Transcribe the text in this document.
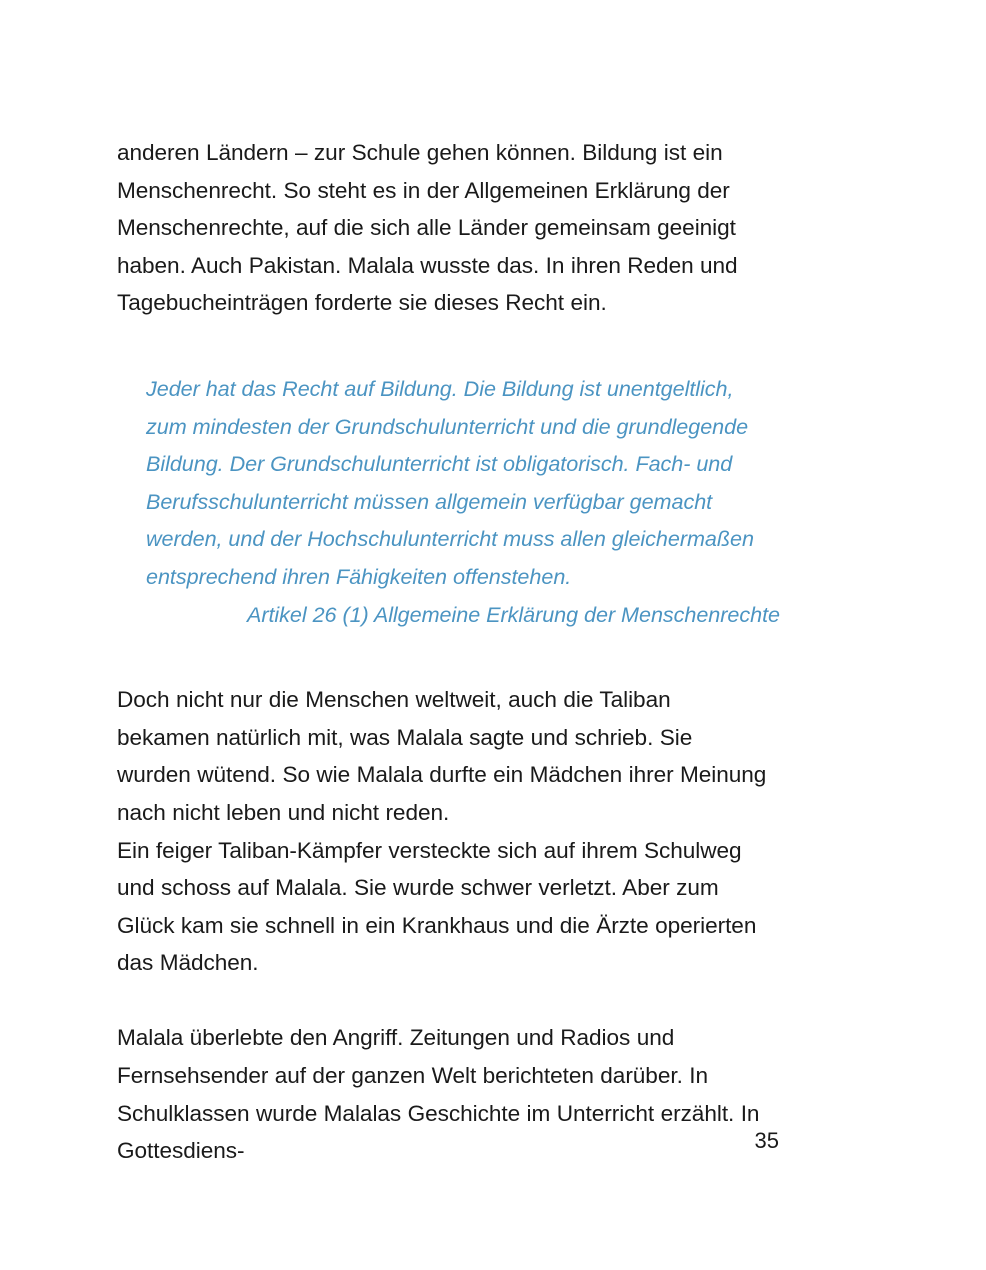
anderen Ländern – zur Schule gehen können. Bildung ist ein Menschenrecht. So steht es in der Allgemeinen Erklärung der Menschenrechte, auf die sich alle Länder gemeinsam geeinigt haben. Auch Pakistan. Malala wusste das. In ihren Reden und Tagebucheinträgen forderte sie dieses Recht ein.

Jeder hat das Recht auf Bildung. Die Bildung ist unentgeltlich, zum mindesten der Grundschulunterricht und die grundlegende Bildung. Der Grundschulunterricht ist obligatorisch. Fach- und Berufsschulunterricht müssen allgemein verfügbar gemacht werden, und der Hochschulunterricht muss allen gleichermaßen entsprechend ihren Fähigkeiten offenstehen.

Artikel 26 (1) Allgemeine Erklärung der Menschenrechte

Doch nicht nur die Menschen weltweit, auch die Taliban bekamen natürlich mit, was Malala sagte und schrieb. Sie wurden wütend. So wie Malala durfte ein Mädchen ihrer Meinung nach nicht leben und nicht reden.
Ein feiger Taliban-Kämpfer versteckte sich auf ihrem Schulweg und schoss auf Malala. Sie wurde schwer verletzt. Aber zum Glück kam sie schnell in ein Krankhaus und die Ärzte operierten das Mädchen.

Malala überlebte den Angriff. Zeitungen und Radios und Fernsehsender auf der ganzen Welt berichteten darüber. In Schulklassen wurde Malalas Geschichte im Unterricht erzählt. In Gottesdiens-	35
